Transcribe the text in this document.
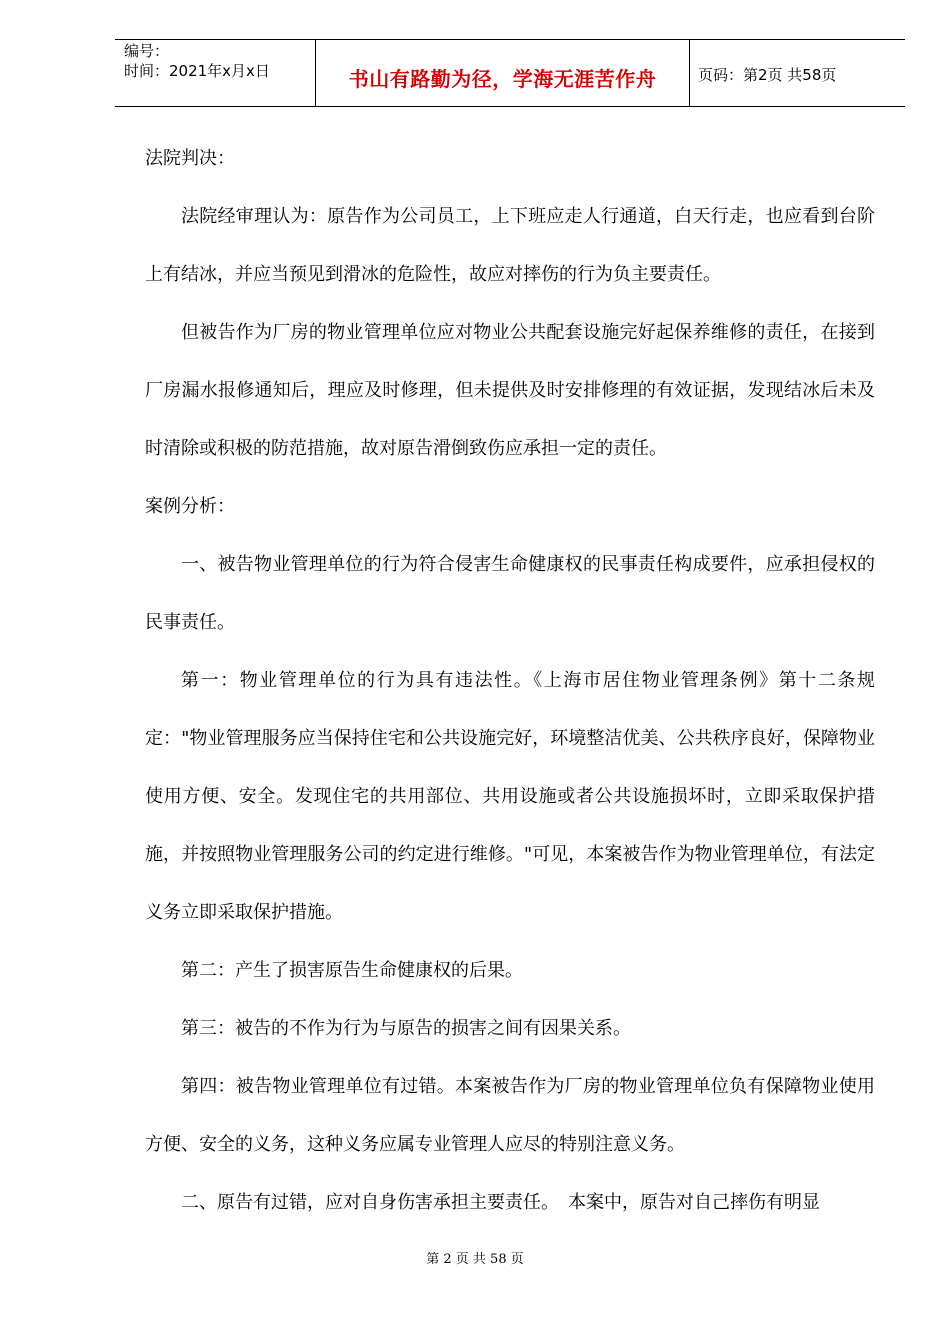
编号：
时间：2021年x月x日	书山有路勤为径，学海无涯苦作舟	页码：第2页 共58页

法院判决：

法院经审理认为：原告作为公司员工，上下班应走人行通道，白天行走，也应看到台阶上有结冰，并应当预见到滑冰的危险性，故应对摔伤的行为负主要责任。

但被告作为厂房的物业管理单位应对物业公共配套设施完好起保养维修的责任，在接到厂房漏水报修通知后，理应及时修理，但未提供及时安排修理的有效证据，发现结冰后未及时清除或积极的防范措施，故对原告滑倒致伤应承担一定的责任。

案例分析：

一、被告物业管理单位的行为符合侵害生命健康权的民事责任构成要件，应承担侵权的民事责任。

第一：物业管理单位的行为具有违法性。《上海市居住物业管理条例》第十二条规定："物业管理服务应当保持住宅和公共设施完好，环境整洁优美、公共秩序良好，保障物业使用方便、安全。发现住宅的共用部位、共用设施或者公共设施损坏时，立即采取保护措施，并按照物业管理服务公司的约定进行维修。"可见，本案被告作为物业管理单位，有法定义务立即采取保护措施。

第二：产生了损害原告生命健康权的后果。

第三：被告的不作为行为与原告的损害之间有因果关系。

第四：被告物业管理单位有过错。本案被告作为厂房的物业管理单位负有保障物业使用方便、安全的义务，这种义务应属专业管理人应尽的特别注意义务。

二、原告有过错，应对自身伤害承担主要责任。　本案中，原告对自己摔伤有明显

第 2 页 共 58 页
